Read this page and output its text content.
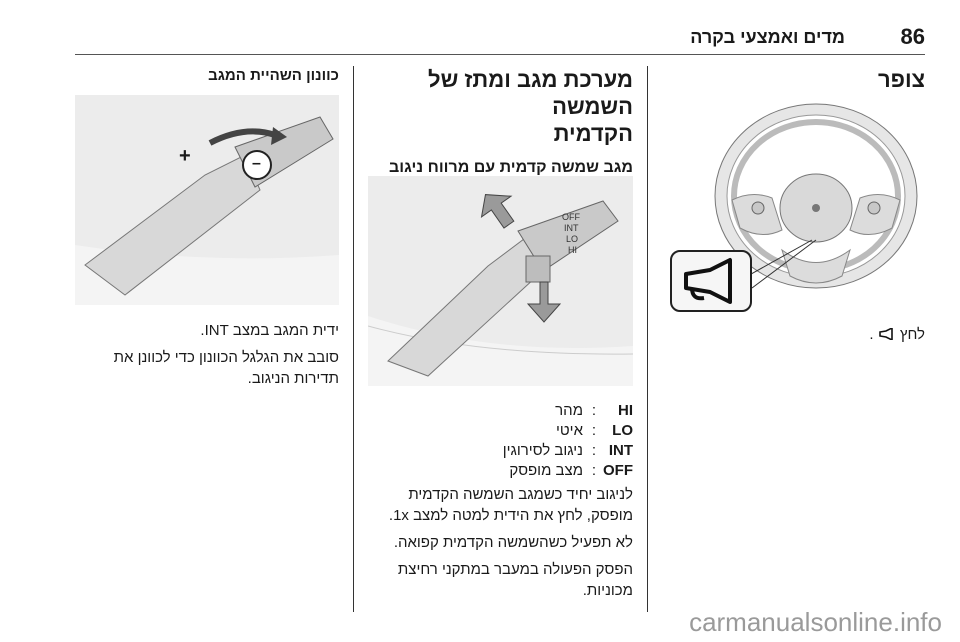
86
מדים ואמצעי בקרה
צופר

לחץ  .

מערכת מגב ומתז של השמשה
הקדמית
מגב שמשה קדמית עם מרווח ניגוב
OFF
INT
LO
HI
HI
:
מהר
LO
:
איטי
INT
:
ניגוב לסירוגין
OFF
:
מצב מופסק

לניגוב יחיד כשמגב השמשה הקדמית

מופסק, לחץ את הידית למטה למצב 1x.

לא תפעיל כשהשמשה הקדמית קפואה.

הפסק הפעולה במעבר במתקני רחיצת

מכוניות.

כוונון השהיית המגב
+	–

ידית המגב במצב INT.

סובב את הגלגל הכוונון כדי לכוונן את

תדירות הניגוב.

carmanualsonline.info
